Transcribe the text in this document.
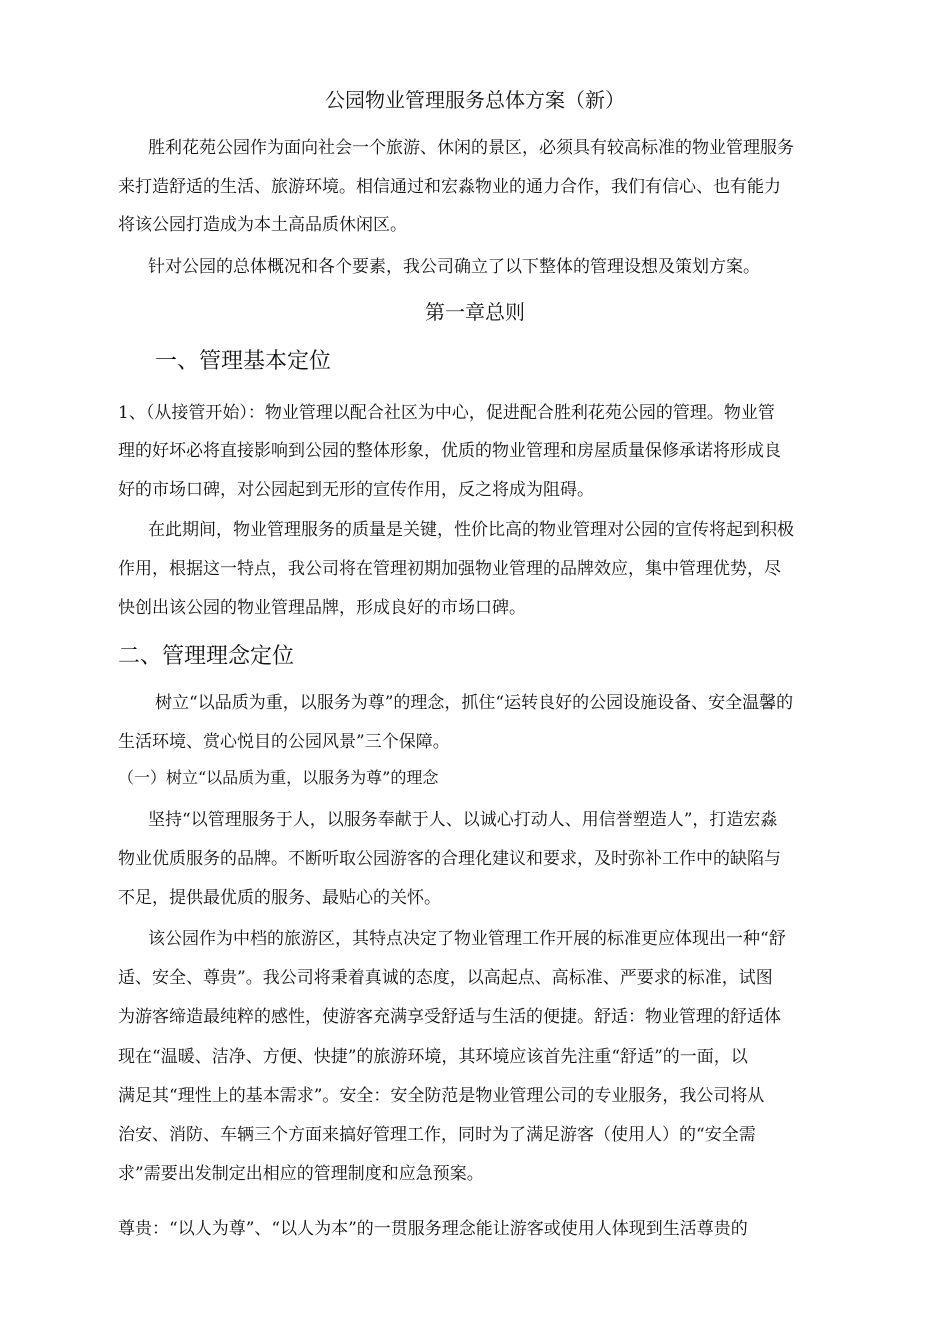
公园物业管理服务总体方案（新）
胜利花苑公园作为面向社会一个旅游、休闲的景区，必须具有较高标准的物业管理服务
来打造舒适的生活、旅游环境。相信通过和宏淼物业的通力合作，我们有信心、也有能力
将该公园打造成为本土高品质休闲区。
针对公园的总体概况和各个要素，我公司确立了以下整体的管理设想及策划方案。
第一章总则
一、管理基本定位
1、（从接管开始）：物业管理以配合社区为中心，促进配合胜利花苑公园的管理。物业管
理的好坏必将直接影响到公园的整体形象，优质的物业管理和房屋质量保修承诺将形成良
好的市场口碑，对公园起到无形的宣传作用，反之将成为阻碍。
在此期间，物业管理服务的质量是关键，性价比高的物业管理对公园的宣传将起到积极
作用，根据这一特点，我公司将在管理初期加强物业管理的品牌效应，集中管理优势，尽
快创出该公园的物业管理品牌，形成良好的市场口碑。
二、管理理念定位
树立“以品质为重，以服务为尊”的理念，抓住“运转良好的公园设施设备、安全温馨的
生活环境、赏心悦目的公园风景”三个保障。
（一）树立“以品质为重，以服务为尊”的理念
坚持“以管理服务于人，以服务奉献于人、以诚心打动人、用信誉塑造人”，打造宏淼
物业优质服务的品牌。不断听取公园游客的合理化建议和要求，及时弥补工作中的缺陷与
不足，提供最优质的服务、最贴心的关怀。
该公园作为中档的旅游区，其特点决定了物业管理工作开展的标准更应体现出一种“舒
适、安全、尊贵”。我公司将秉着真诚的态度，以高起点、高标准、严要求的标准，试图
为游客缔造最纯粹的感性，使游客充满享受舒适与生活的便捷。舒适：物业管理的舒适体
现在“温暖、洁净、方便、快捷”的旅游环境，其环境应该首先注重“舒适”的一面，以
满足其“理性上的基本需求”。安全：安全防范是物业管理公司的专业服务，我公司将从
治安、消防、车辆三个方面来搞好管理工作，同时为了满足游客（使用人）的“安全需
求”需要出发制定出相应的管理制度和应急预案。
尊贵：“以人为尊”、“以人为本”的一贯服务理念能让游客或使用人体现到生活尊贵的
